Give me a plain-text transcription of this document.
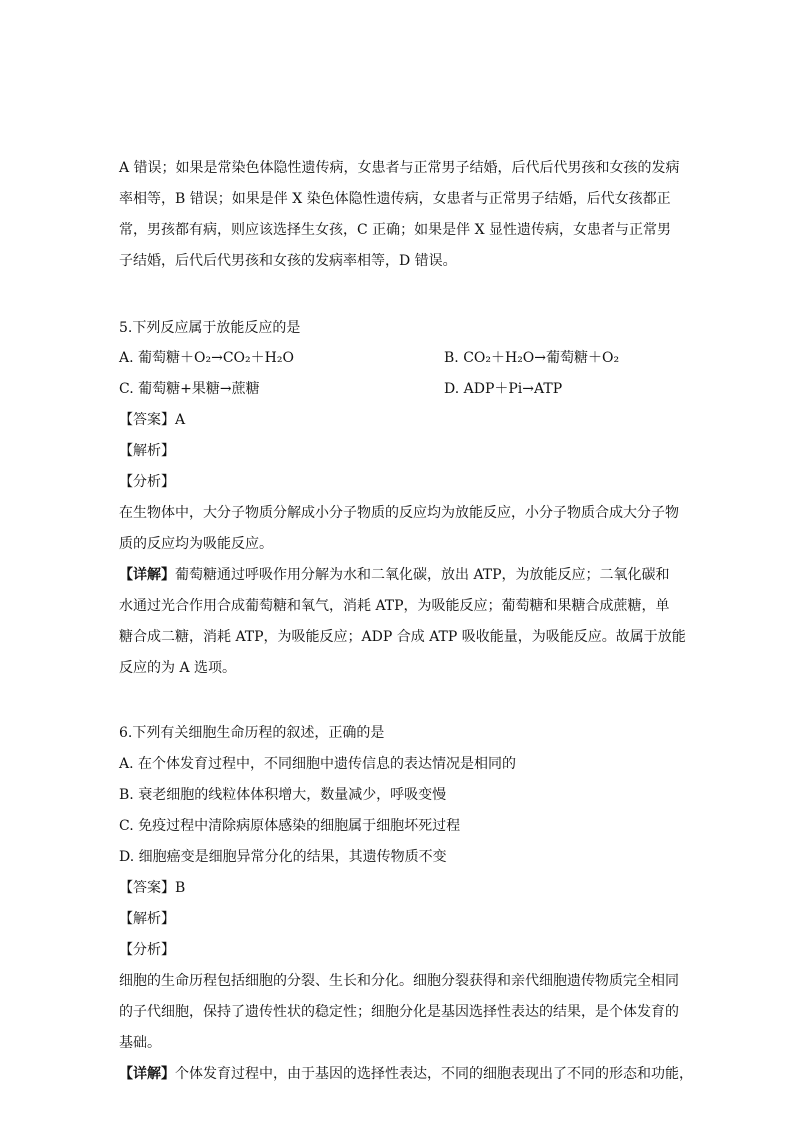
A 错误；如果是常染色体隐性遗传病，女患者与正常男子结婚，后代后代男孩和女孩的发病
率相等，B 错误；如果是伴 X 染色体隐性遗传病，女患者与正常男子结婚，后代女孩都正
常，男孩都有病，则应该选择生女孩，C 正确；如果是伴 X 显性遗传病，女患者与正常男
子结婚，后代后代男孩和女孩的发病率相等，D 错误。
5.下列反应属于放能反应的是
A. 葡萄糖＋O₂→CO₂＋H₂O	B. CO₂＋H₂O→葡萄糖＋O₂
C. 葡萄糖+果糖→蔗糖	D. ADP＋Pi→ATP
【答案】A
【解析】
【分析】
在生物体中，大分子物质分解成小分子物质的反应均为放能反应，小分子物质合成大分子物
质的反应均为吸能反应。
【详解】葡萄糖通过呼吸作用分解为水和二氧化碳，放出 ATP，为放能反应；二氧化碳和
水通过光合作用合成葡萄糖和氧气，消耗 ATP，为吸能反应；葡萄糖和果糖合成蔗糖，单
糖合成二糖，消耗 ATP，为吸能反应；ADP 合成 ATP 吸收能量，为吸能反应。故属于放能
反应的为 A 选项。
6.下列有关细胞生命历程的叙述，正确的是
A. 在个体发育过程中，不同细胞中遗传信息的表达情况是相同的
B. 衰老细胞的线粒体体积增大，数量减少，呼吸变慢
C. 免疫过程中清除病原体感染的细胞属于细胞坏死过程
D. 细胞癌变是细胞异常分化的结果，其遗传物质不变
【答案】B
【解析】
【分析】
细胞的生命历程包括细胞的分裂、生长和分化。细胞分裂获得和亲代细胞遗传物质完全相同
的子代细胞，保持了遗传性状的稳定性；细胞分化是基因选择性表达的结果，是个体发育的
基础。
【详解】个体发育过程中，由于基因的选择性表达，不同的细胞表现出了不同的形态和功能，
